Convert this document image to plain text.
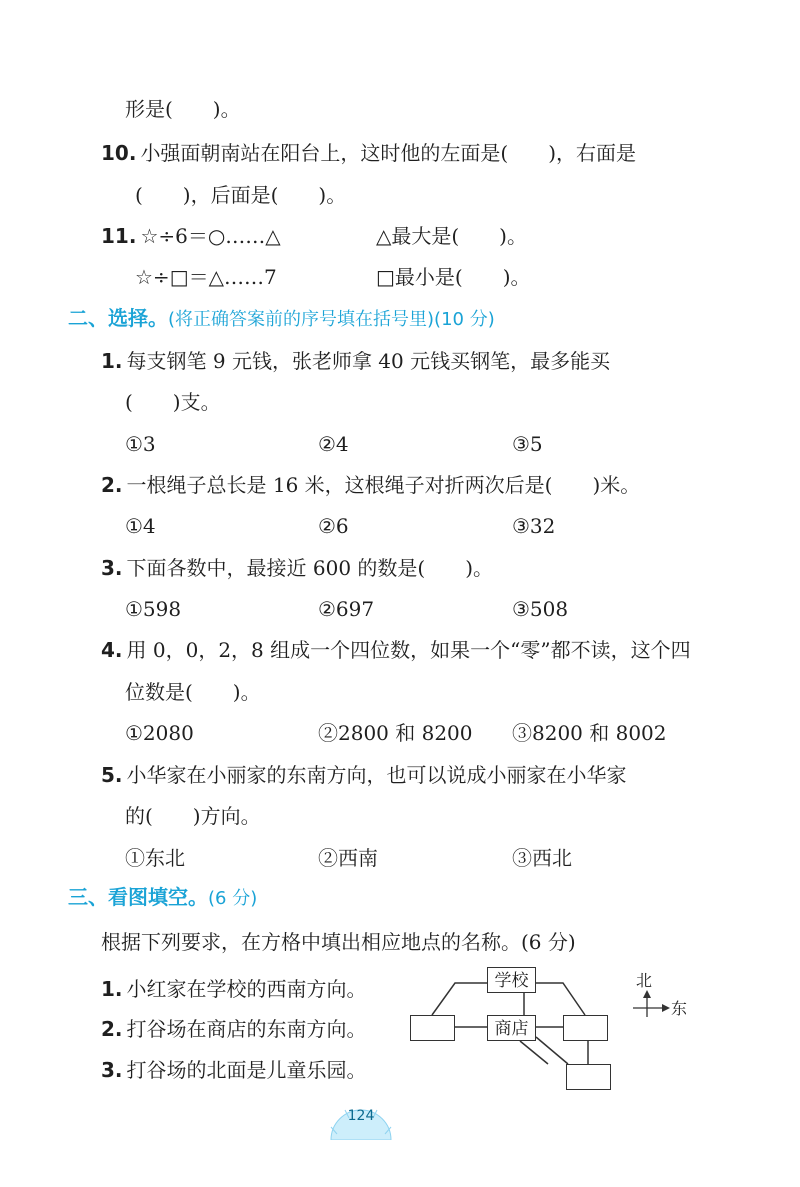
形是(　　)。
10. 小强面朝南站在阳台上，这时他的左面是(　　)，右面是
(　　)，后面是(　　)。
11. ☆÷6＝○……△	△最大是(　　)。
☆÷□＝△……7	□最小是(　　)。
二、选择。(将正确答案前的序号填在括号里)(10 分)
1. 每支钢笔 9 元钱，张老师拿 40 元钱买钢笔，最多能买
(　　)支。
①3	②4	③5
2. 一根绳子总长是 16 米，这根绳子对折两次后是(　　)米。
①4	②6	③32
3. 下面各数中，最接近 600 的数是(　　)。
①598	②697	③508
4. 用 0，0，2，8 组成一个四位数，如果一个“零”都不读，这个四
位数是(　　)。
①2080	②2800 和 8200 ③8200 和 8002
5. 小华家在小丽家的东南方向，也可以说成小丽家在小华家
的(　　)方向。
①东北	②西南	③西北
三、看图填空。(6 分)
根据下列要求，在方格中填出相应地点的名称。(6 分)
1. 小红家在学校的西南方向。
2. 打谷场在商店的东南方向。
3. 打谷场的北面是儿童乐园。
学校
商店
北
东
124
